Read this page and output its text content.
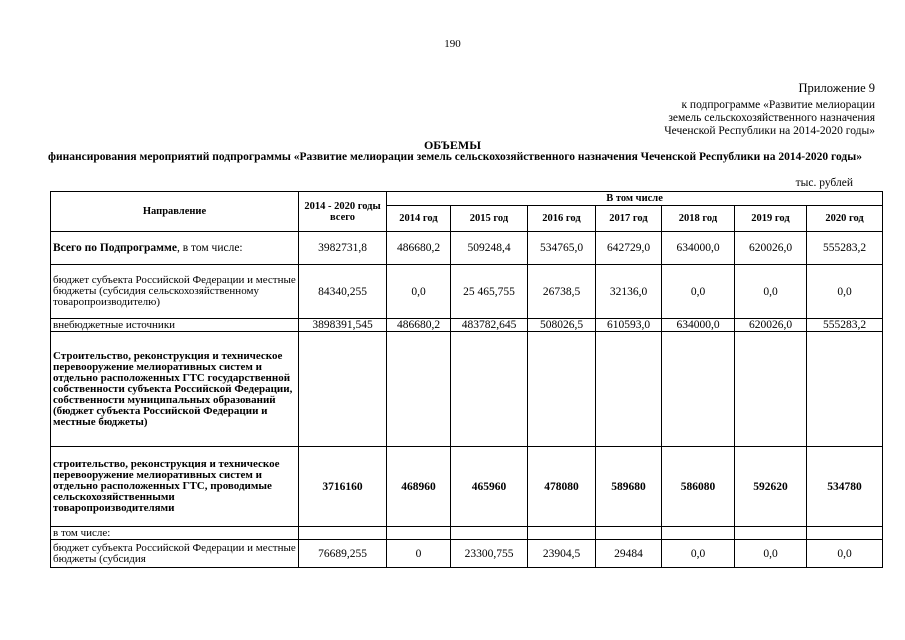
190
Приложение 9
к подпрограмме «Развитие мелиорации
земель сельскохозяйственного назначения
Чеченской Республики на 2014-2020 годы»
ОБЪЕМЫ
финансирования мероприятий подпрограммы «Развитие мелиорации земель сельскохозяйственного назначения Чеченской Республики на 2014-2020 годы»
тыс. рублей
Направление	2014 - 2020 годы всего	В том числе						
		2014 год	2015 год	2016 год	2017 год	2018 год	2019 год	2020 год
Всего по Подпрограмме, в том числе:	3982731,8	486680,2	509248,4	534765,0	642729,0	634000,0	620026,0	555283,2
бюджет субъекта Российской Федерации и местные бюджеты (субсидия сельскохозяйственному товаропроизводителю)	84340,255	0,0	25 465,755	26738,5	32136,0	0,0	0,0	0,0
внебюджетные источники	3898391,545	486680,2	483782,645	508026,5	610593,0	634000,0	620026,0	555283,2
Строительство, реконструкция и техническое перевооружение мелиоративных систем и отдельно расположенных ГТС государственной собственности субъекта Российской Федерации, собственности муниципальных образований (бюджет субъекта Российской Федерации и местные бюджеты)								
строительство, реконструкция и техническое перевооружение мелиоративных систем и отдельно расположенных ГТС, проводимые сельскохозяйственными товаропроизводителями	3716160	468960	465960	478080	589680	586080	592620	534780
в том числе:								
бюджет субъекта Российской Федерации и местные бюджеты (субсидия	76689,255	0	23300,755	23904,5	29484	0,0	0,0	0,0
